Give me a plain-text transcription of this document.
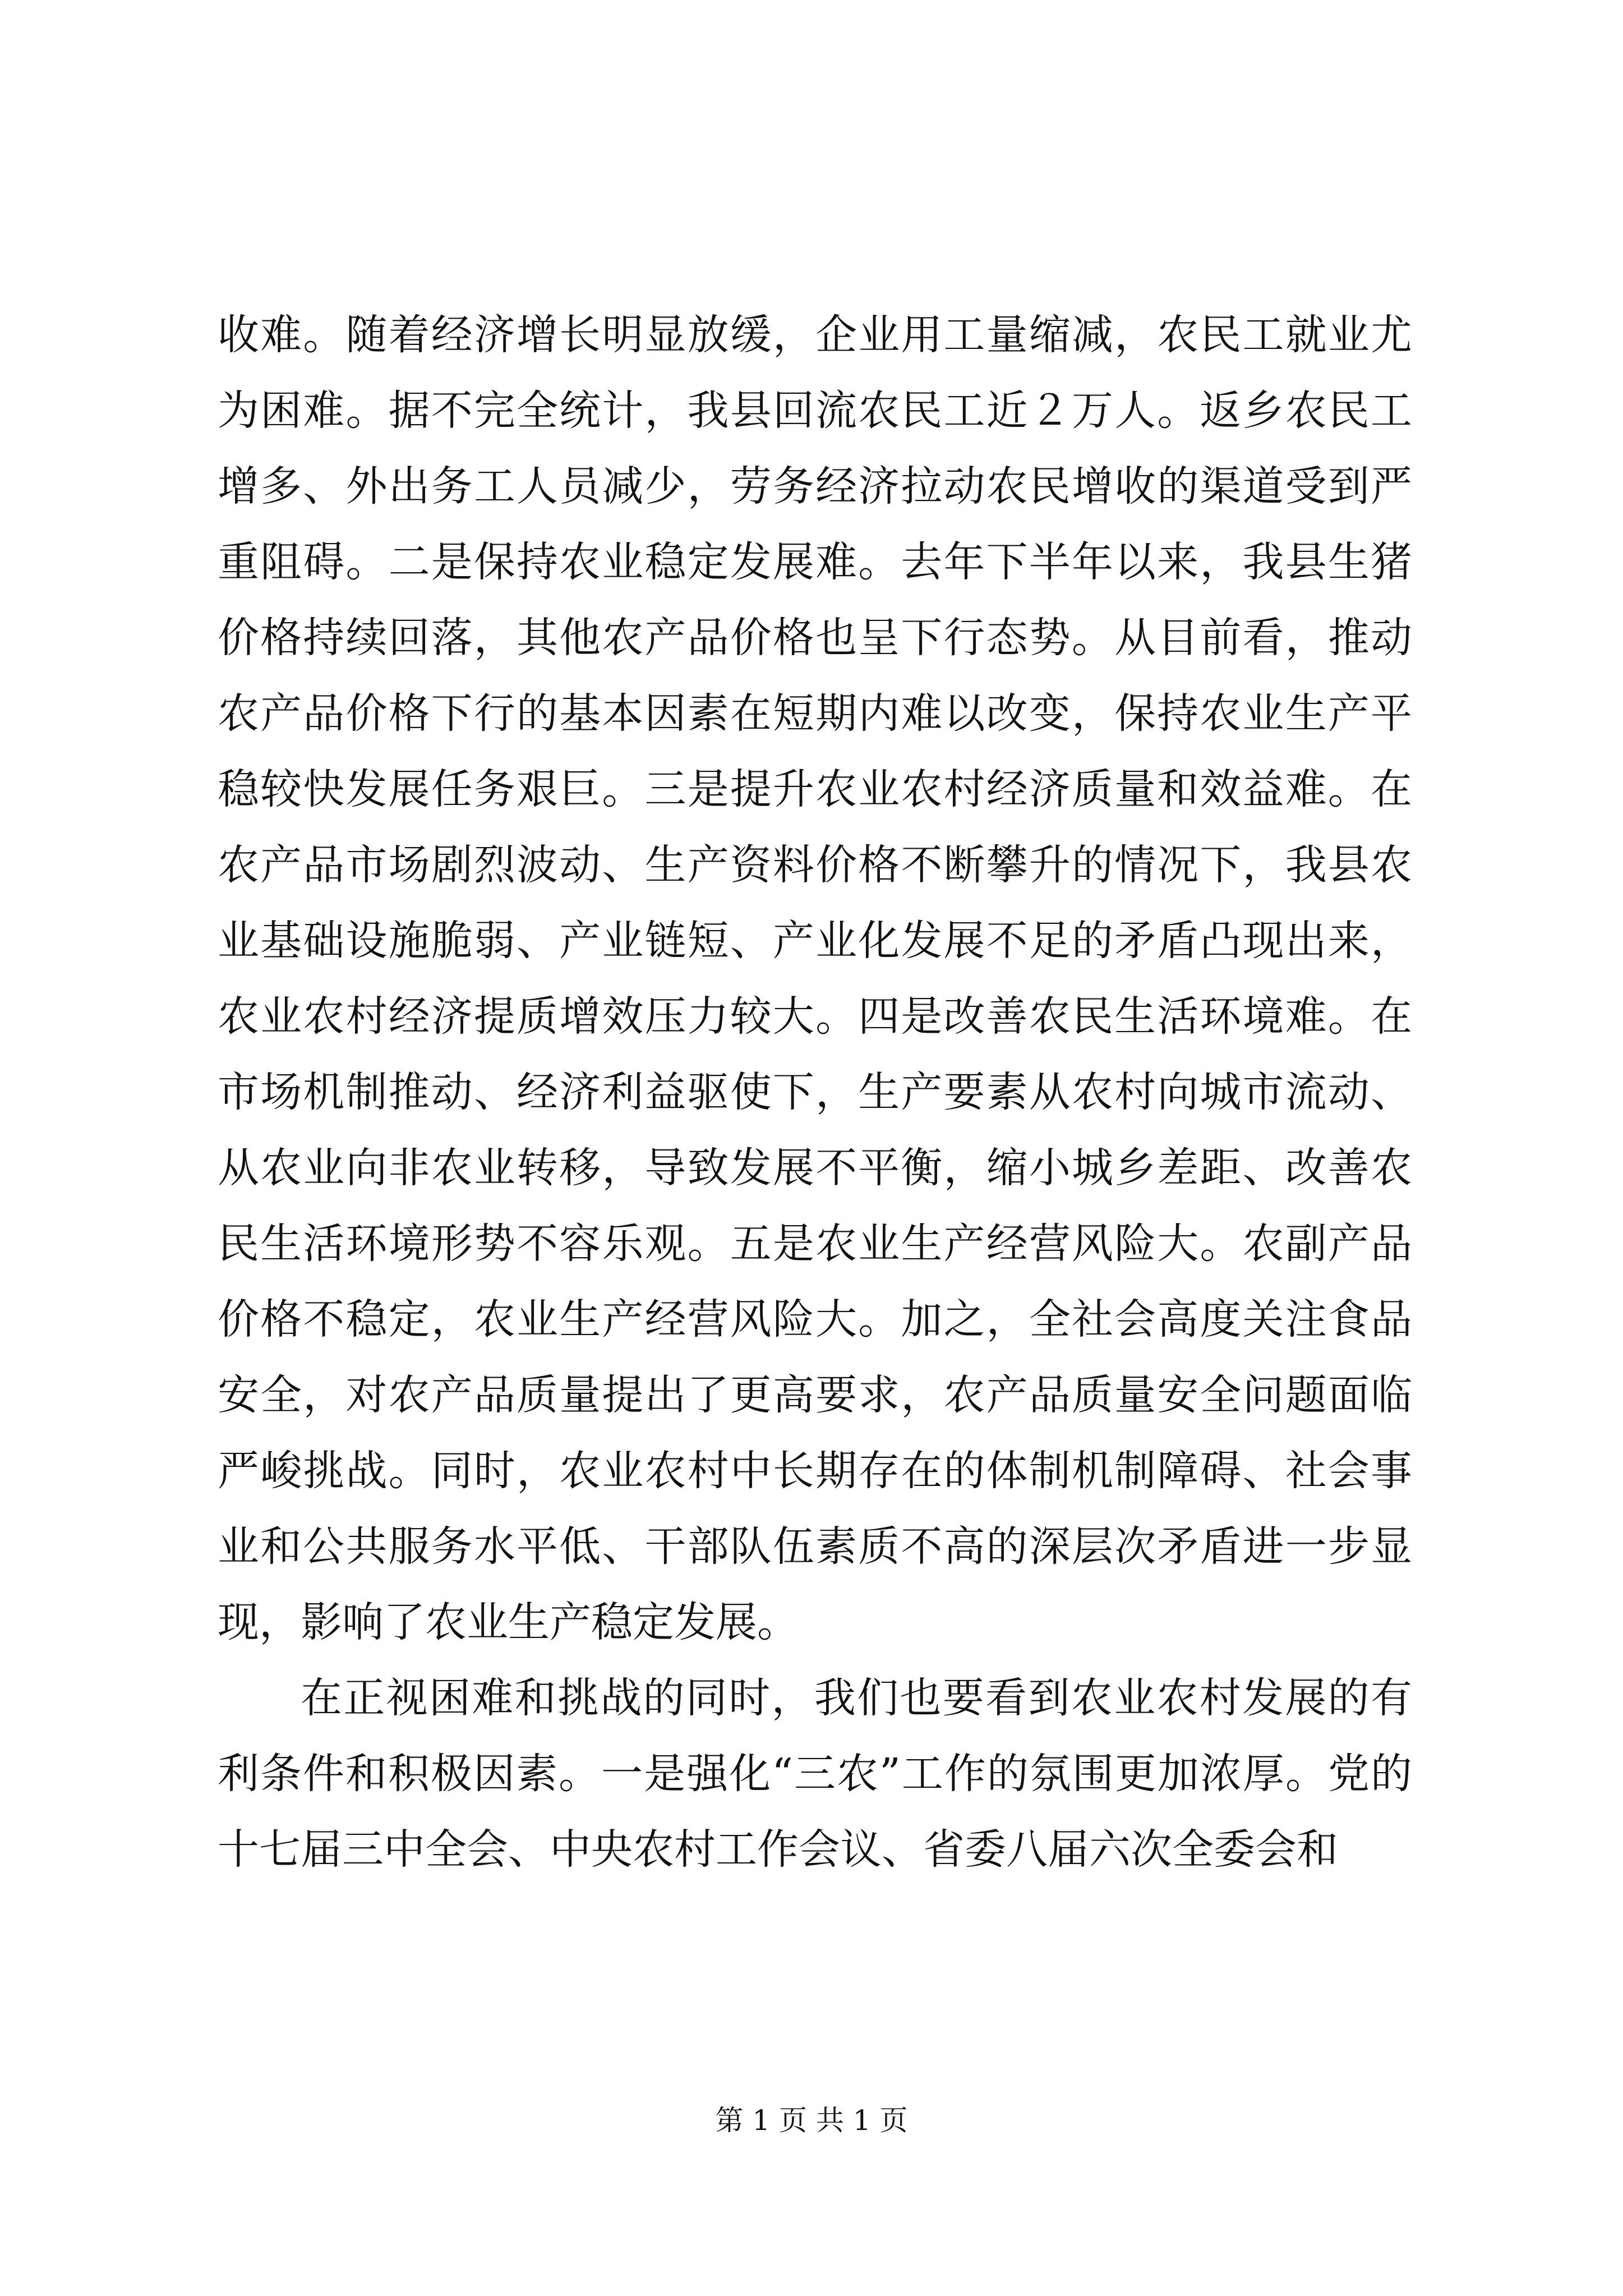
收难。随着经济增长明显放缓，企业用工量缩减，农民工就业尤为困难。据不完全统计，我县回流农民工近２万人。返乡农民工增多、外出务工人员减少，劳务经济拉动农民增收的渠道受到严重阻碍。二是保持农业稳定发展难。去年下半年以来，我县生猪价格持续回落，其他农产品价格也呈下行态势。从目前看，推动农产品价格下行的基本因素在短期内难以改变，保持农业生产平稳较快发展任务艰巨。三是提升农业农村经济质量和效益难。在农产品市场剧烈波动、生产资料价格不断攀升的情况下，我县农业基础设施脆弱、产业链短、产业化发展不足的矛盾凸现出来，农业农村经济提质增效压力较大。四是改善农民生活环境难。在市场机制推动、经济利益驱使下，生产要素从农村向城市流动、从农业向非农业转移，导致发展不平衡，缩小城乡差距、改善农民生活环境形势不容乐观。五是农业生产经营风险大。农副产品价格不稳定，农业生产经营风险大。加之，全社会高度关注食品安全，对农产品质量提出了更高要求，农产品质量安全问题面临严峻挑战。同时，农业农村中长期存在的体制机制障碍、社会事业和公共服务水平低、干部队伍素质不高的深层次矛盾进一步显现，影响了农业生产稳定发展。

在正视困难和挑战的同时，我们也要看到农业农村发展的有利条件和积极因素。一是强化“三农”工作的氛围更加浓厚。党的十七届三中全会、中央农村工作会议、省委八届六次全委会和

第 1 页 共 1 页
